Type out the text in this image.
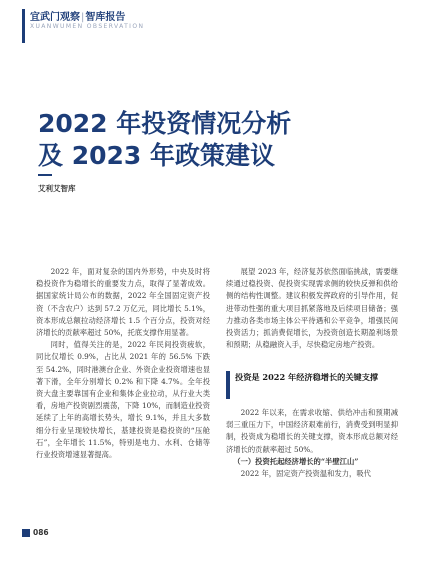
宜武门观察|智库报告
XUANWUMEN OBSERVATION
2022 年投资情况分析
及 2023 年政策建议
艾利艾智库

2022 年，面对复杂的国内外形势，中央及时将稳投资作为稳增长的重要发力点，取得了显著成效。据国家统计局公布的数据，2022 年全国固定资产投资（不含农户）达到 57.2 万亿元，同比增长 5.1%，资本形成总额拉动经济增长 1.5 个百分点，投资对经济增长的贡献率超过 50%，托底支撑作用显著。

同时，值得关注的是，2022 年民间投资疲软，同比仅增长 0.9%，占比从 2021 年的 56.5% 下跌至 54.2%，同时港澳台企业、外资企业投资增速也显著下滑，全年分别增长 0.2% 和下降 4.7%。全年投资大盘主要靠国有企业和集体企业拉动，从行业大类看，房地产投资剧烈震荡，下降 10%，而制造业投资延续了上年的高增长势头，增长 9.1%，并且大多数细分行业呈现较快增长，基建投资是稳投资的“压舱石”，全年增长 11.5%，特别是电力、水利、仓储等行业投资增速显著提高。

展望 2023 年，经济复苏依然面临挑战，需要继续通过稳投资、促投资实现需求侧的较快反弹和供给侧的结构性调整。建议积极发挥政府的引导作用，促进带动性强的重大项目抓紧落地及后续项目储备；强力推动各类市场主体公平待遇和公平竞争，增强民间投资活力；抓消费促增长，为投资创造长期盈利场景和预期；从稳融资入手，尽快稳定房地产投资。

投资是 2022 年经济稳增长的关键支撑

2022 年以来，在需求收缩、供给冲击和预期减弱三重压力下，中国经济艰难前行，消费受到明显抑制，投资成为稳增长的关键支撑，资本形成总额对经济增长的贡献率超过 50%。

（一）投资托起经济增长的“半壁江山”

2022 年，固定资产投资温和发力，吸代

086
